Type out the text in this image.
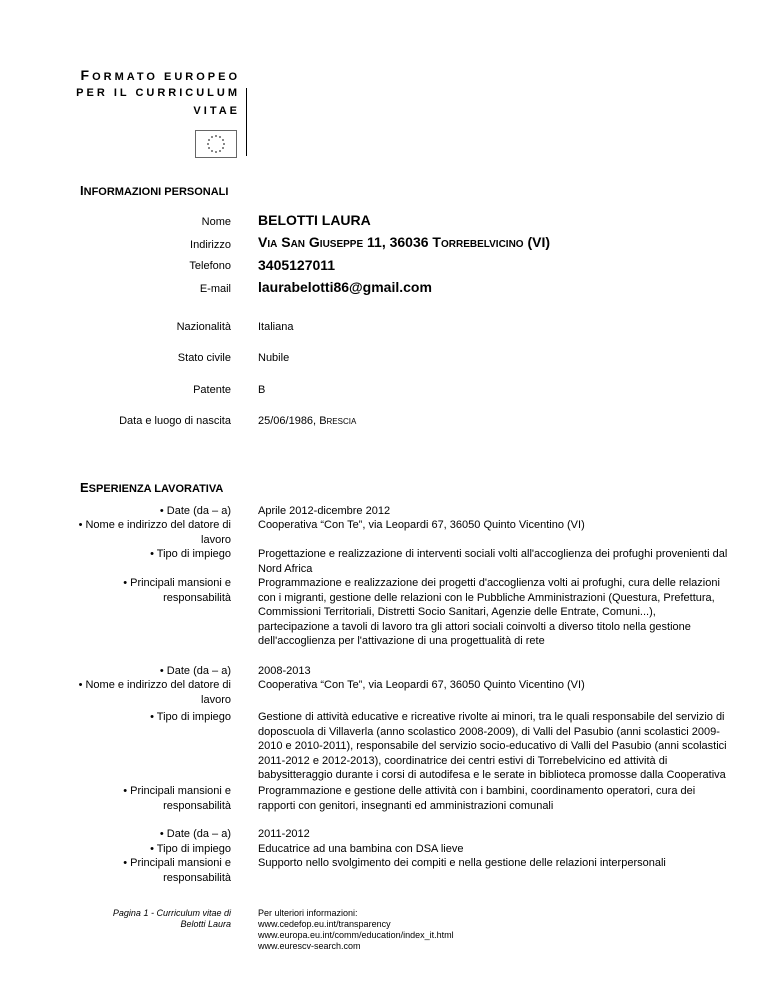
FORMATO EUROPEO
PER IL CURRICULUM
VITAE
INFORMAZIONI PERSONALI
Nome BELOTTI LAURA
Indirizzo Via San Giuseppe 11, 36036 Torrebelvicino (VI)
Telefono 3405127011
E-mail laurabelotti86@gmail.com
Nazionalità Italiana
Stato civile Nubile
Patente B
Data e luogo di nascita 25/06/1986, Brescia
ESPERIENZA LAVORATIVA
• Date (da – a) Aprile 2012-dicembre 2012
• Nome e indirizzo del datore di lavoro
Cooperativa “Con Te”, via Leopardi 67, 36050 Quinto Vicentino (VI)
• Tipo di impiego Progettazione e realizzazione di interventi sociali volti all'accoglienza dei profughi provenienti dal Nord Africa
• Principali mansioni e responsabilità
Programmazione e realizzazione dei progetti d'accoglienza volti ai profughi, cura delle relazioni con i migranti, gestione delle relazioni con le Pubbliche Amministrazioni (Questura, Prefettura, Commissioni Territoriali, Distretti Socio Sanitari, Agenzie delle Entrate, Comuni...), partecipazione a tavoli di lavoro tra gli attori sociali coinvolti a diverso titolo nella gestione dell'accoglienza per l'attivazione di una progettualità di rete
• Date (da – a) 2008-2013
• Nome e indirizzo del datore di lavoro
Cooperativa “Con Te”, via Leopardi 67, 36050 Quinto Vicentino (VI)
• Tipo di impiego Gestione di attività educative e ricreative rivolte ai minori, tra le quali responsabile del servizio di doposcuola di Villaverla (anno scolastico 2008-2009), di Valli del Pasubio (anni scolastici 2009-2010 e 2010-2011), responsabile del servizio socio-educativo di Valli del Pasubio (anni scolastici 2011-2012 e 2012-2013), coordinatrice dei centri estivi di Torrebelvicino ed attività di babysitteraggio durante i corsi di autodifesa e le serate in biblioteca promosse dalla Cooperativa
• Principali mansioni e responsabilità
Programmazione e gestione delle attività con i bambini, coordinamento operatori, cura dei rapporti con genitori, insegnanti ed amministrazioni comunali
• Date (da – a) 2011-2012
• Tipo di impiego Educatrice ad una bambina con DSA lieve
• Principali mansioni e responsabilità
Supporto nello svolgimento dei compiti e nella gestione delle relazioni interpersonali
Pagina 1 - Curriculum vitae di
Belotti Laura
Per ulteriori informazioni:
www.cedefop.eu.int/transparency
www.europa.eu.int/comm/education/index_it.html
www.eurescv-search.com
